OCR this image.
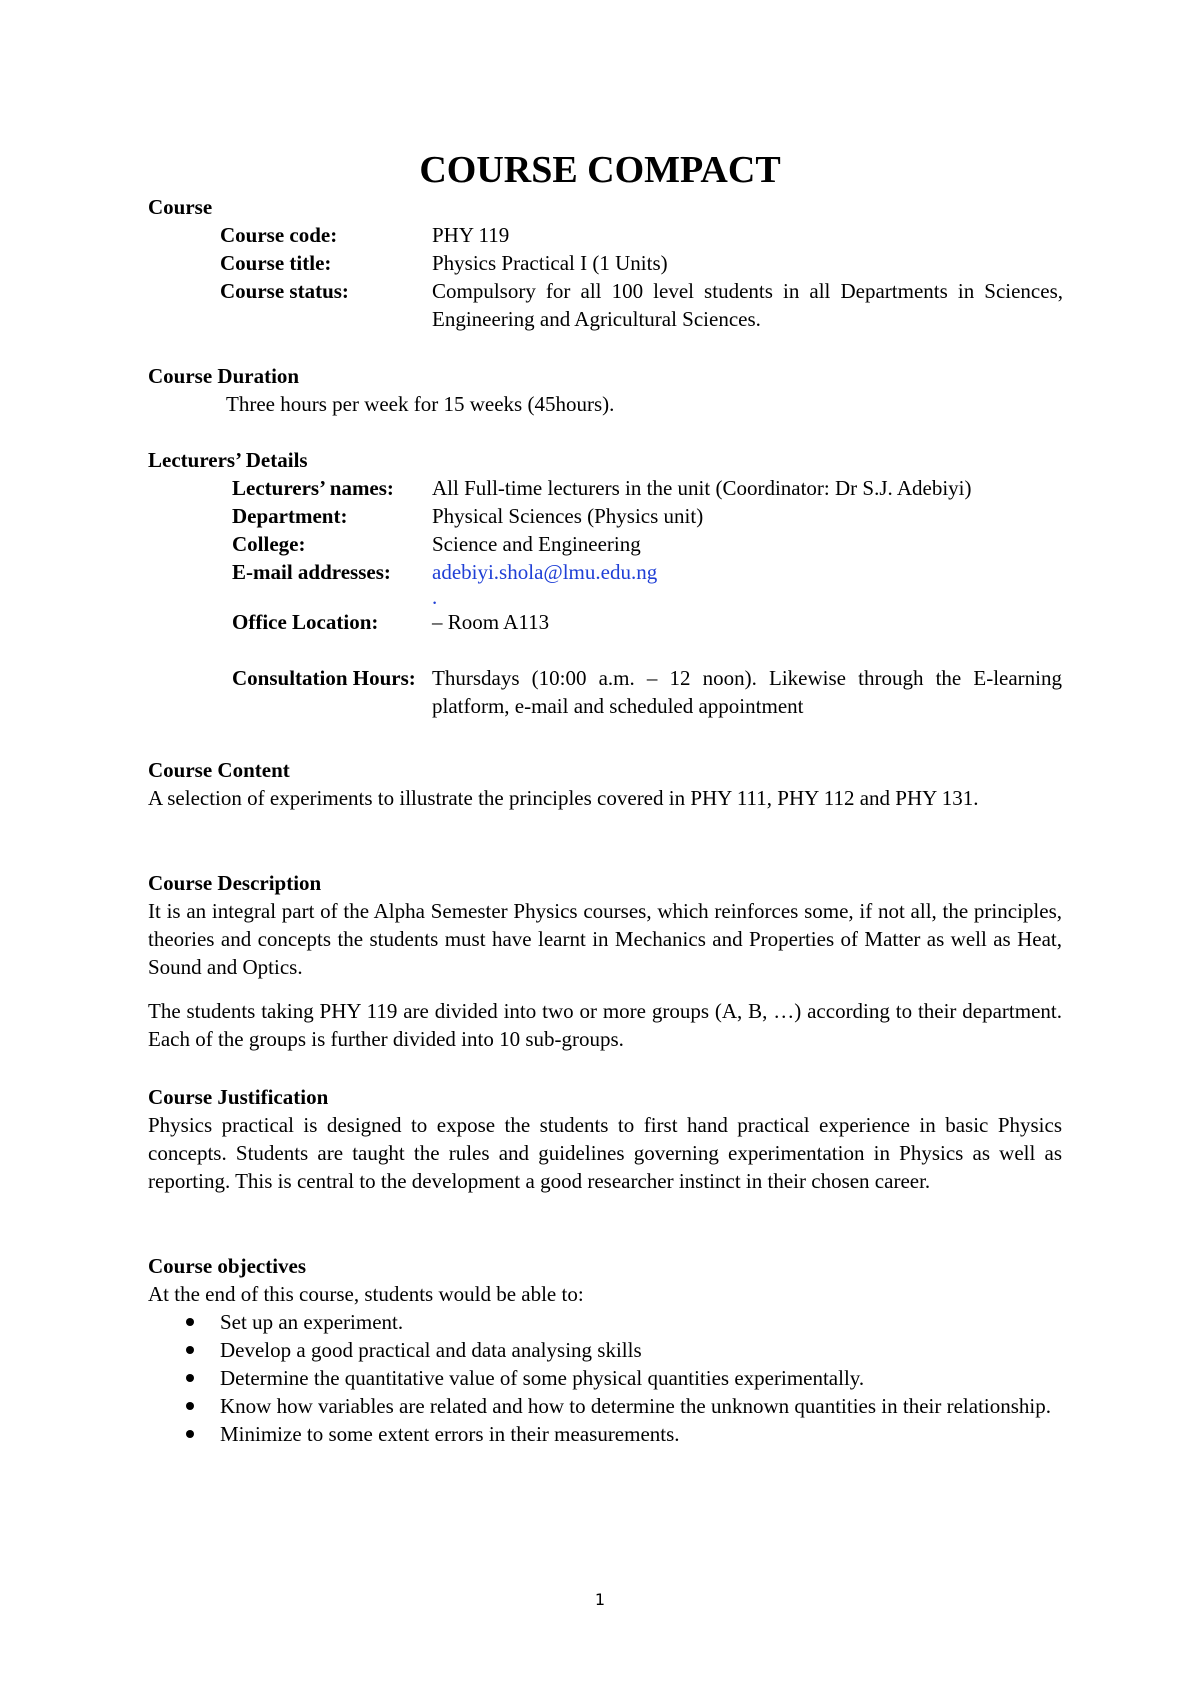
COURSE COMPACT
Course
Course code:	PHY 119
Course title:	Physics Practical I (1 Units)
Course status:	Compulsory for all 100 level students in all Departments in Sciences, Engineering and Agricultural Sciences.
Course Duration
Three hours per week for 15 weeks (45hours).
Lecturers’ Details
Lecturers’ names: All Full-time lecturers in the unit (Coordinator: Dr S.J. Adebiyi)
Department:	Physical Sciences (Physics unit)
College:	Science and Engineering
E-mail addresses: adebiyi.shola@lmu.edu.ng
.
Office Location:	– Room A113
Consultation Hours: Thursdays (10:00 a.m. – 12 noon). Likewise through the E-learning platform, e-mail and scheduled appointment
Course Content
A selection of experiments to illustrate the principles covered in PHY 111, PHY 112 and PHY 131.
Course Description
It is an integral part of the Alpha Semester Physics courses, which reinforces some, if not all, the principles, theories and concepts the students must have learnt in Mechanics and Properties of Matter as well as Heat, Sound and Optics.
The students taking PHY 119 are divided into two or more groups (A, B, …) according to their department. Each of the groups is further divided into 10 sub-groups.
Course Justification
Physics practical is designed to expose the students to first hand practical experience in basic Physics concepts. Students are taught the rules and guidelines governing experimentation in Physics as well as reporting. This is central to the development a good researcher instinct in their chosen career.
Course objectives
At the end of this course, students would be able to:
Set up an experiment.
Develop a good practical and data analysing skills
Determine the quantitative value of some physical quantities experimentally.
Know how variables are related and how to determine the unknown quantities in their relationship.
Minimize to some extent errors in their measurements.
1
